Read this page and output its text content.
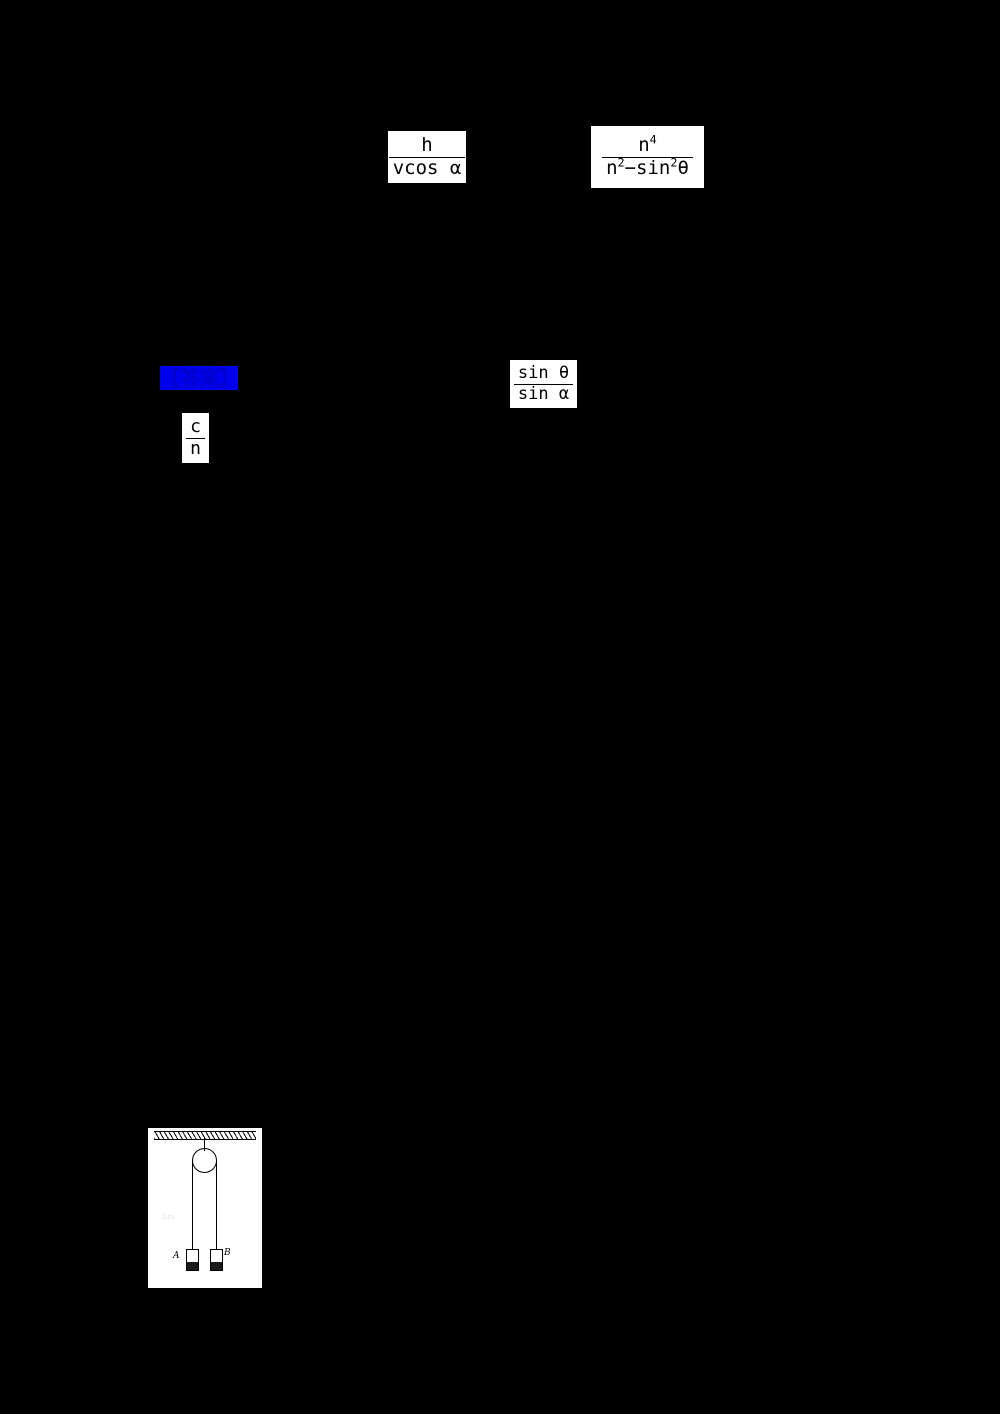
$\frac{h}{\text{vcos α}}$	$\frac{n^4}{n^2-\sin^2\theta}$
【答案】	$\frac{\text{sin θ}}{\text{sin α}}$
$\frac{c}{n}$
lim
A	B
